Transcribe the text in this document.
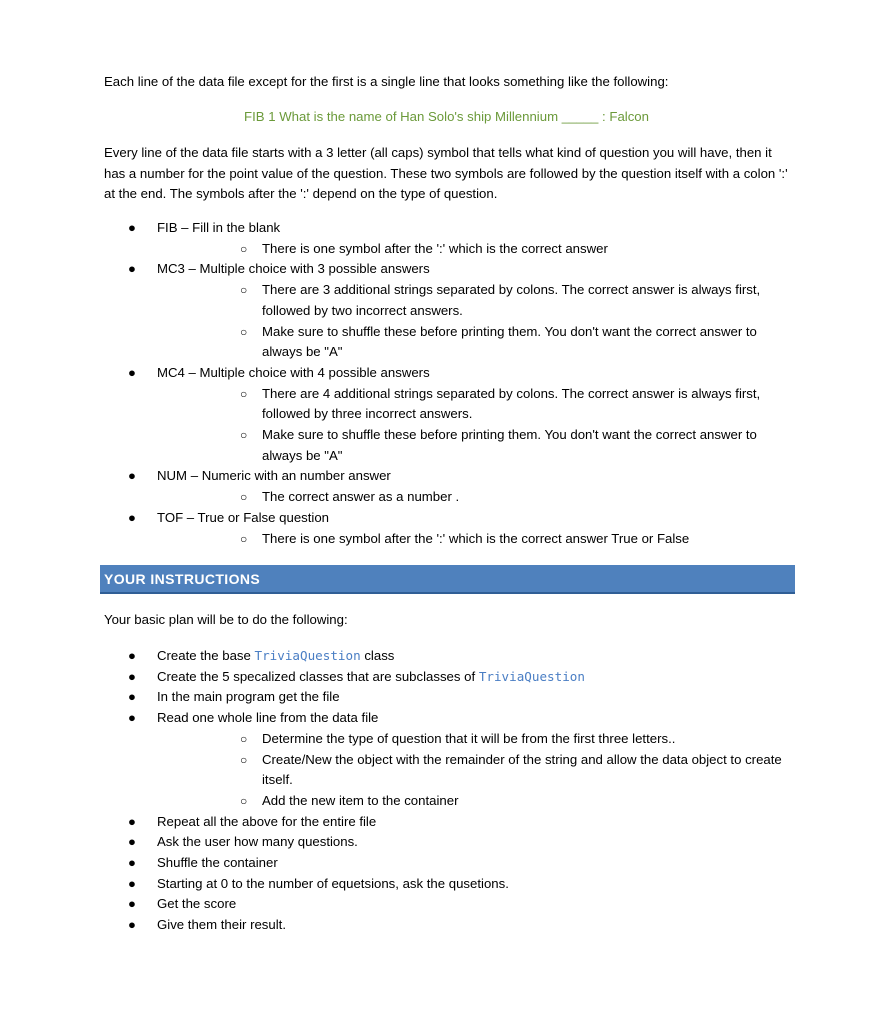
Each line of the data file except for the first is a single line that looks something like the following:

FIB 1 What is the name of Han Solo's ship Millennium _____ : Falcon

Every line of the data file starts with a 3 letter (all caps) symbol that tells what kind of question you will have, then it has a number for the point value of the question. These two symbols are followed by the question itself with a colon ':' at the end. The symbols after the ':' depend on the type of question.

● FIB – Fill in the blank
○ There is one symbol after the ':' which is the correct answer
● MC3 – Multiple choice with 3 possible answers
○ There are 3 additional strings separated by colons. The correct answer is always first, followed by two incorrect answers.
○ Make sure to shuffle these before printing them. You don't want the correct answer to always be "A"
● MC4 – Multiple choice with 4 possible answers
○ There are 4 additional strings separated by colons. The correct answer is always first, followed by three incorrect answers.
○ Make sure to shuffle these before printing them. You don't want the correct answer to always be "A"
● NUM – Numeric with an number answer
○ The correct answer as a number .
● TOF – True or False question
○ There is one symbol after the ':' which is the correct answer True or False
YOUR INSTRUCTIONS

Your basic plan will be to do the following:

● Create the base TriviaQuestion class
● Create the 5 specalized classes that are subclasses of TriviaQuestion
● In the main program get the file
● Read one whole line from the data file
○ Determine the type of question that it will be from the first three letters..
○ Create/New the object with the remainder of the string and allow the data object to create itself.
○ Add the new item to the container
● Repeat all the above for the entire file
● Ask the user how many questions.
● Shuffle the container
● Starting at 0 to the number of equetsions, ask the qusetions.
● Get the score
● Give them their result.
